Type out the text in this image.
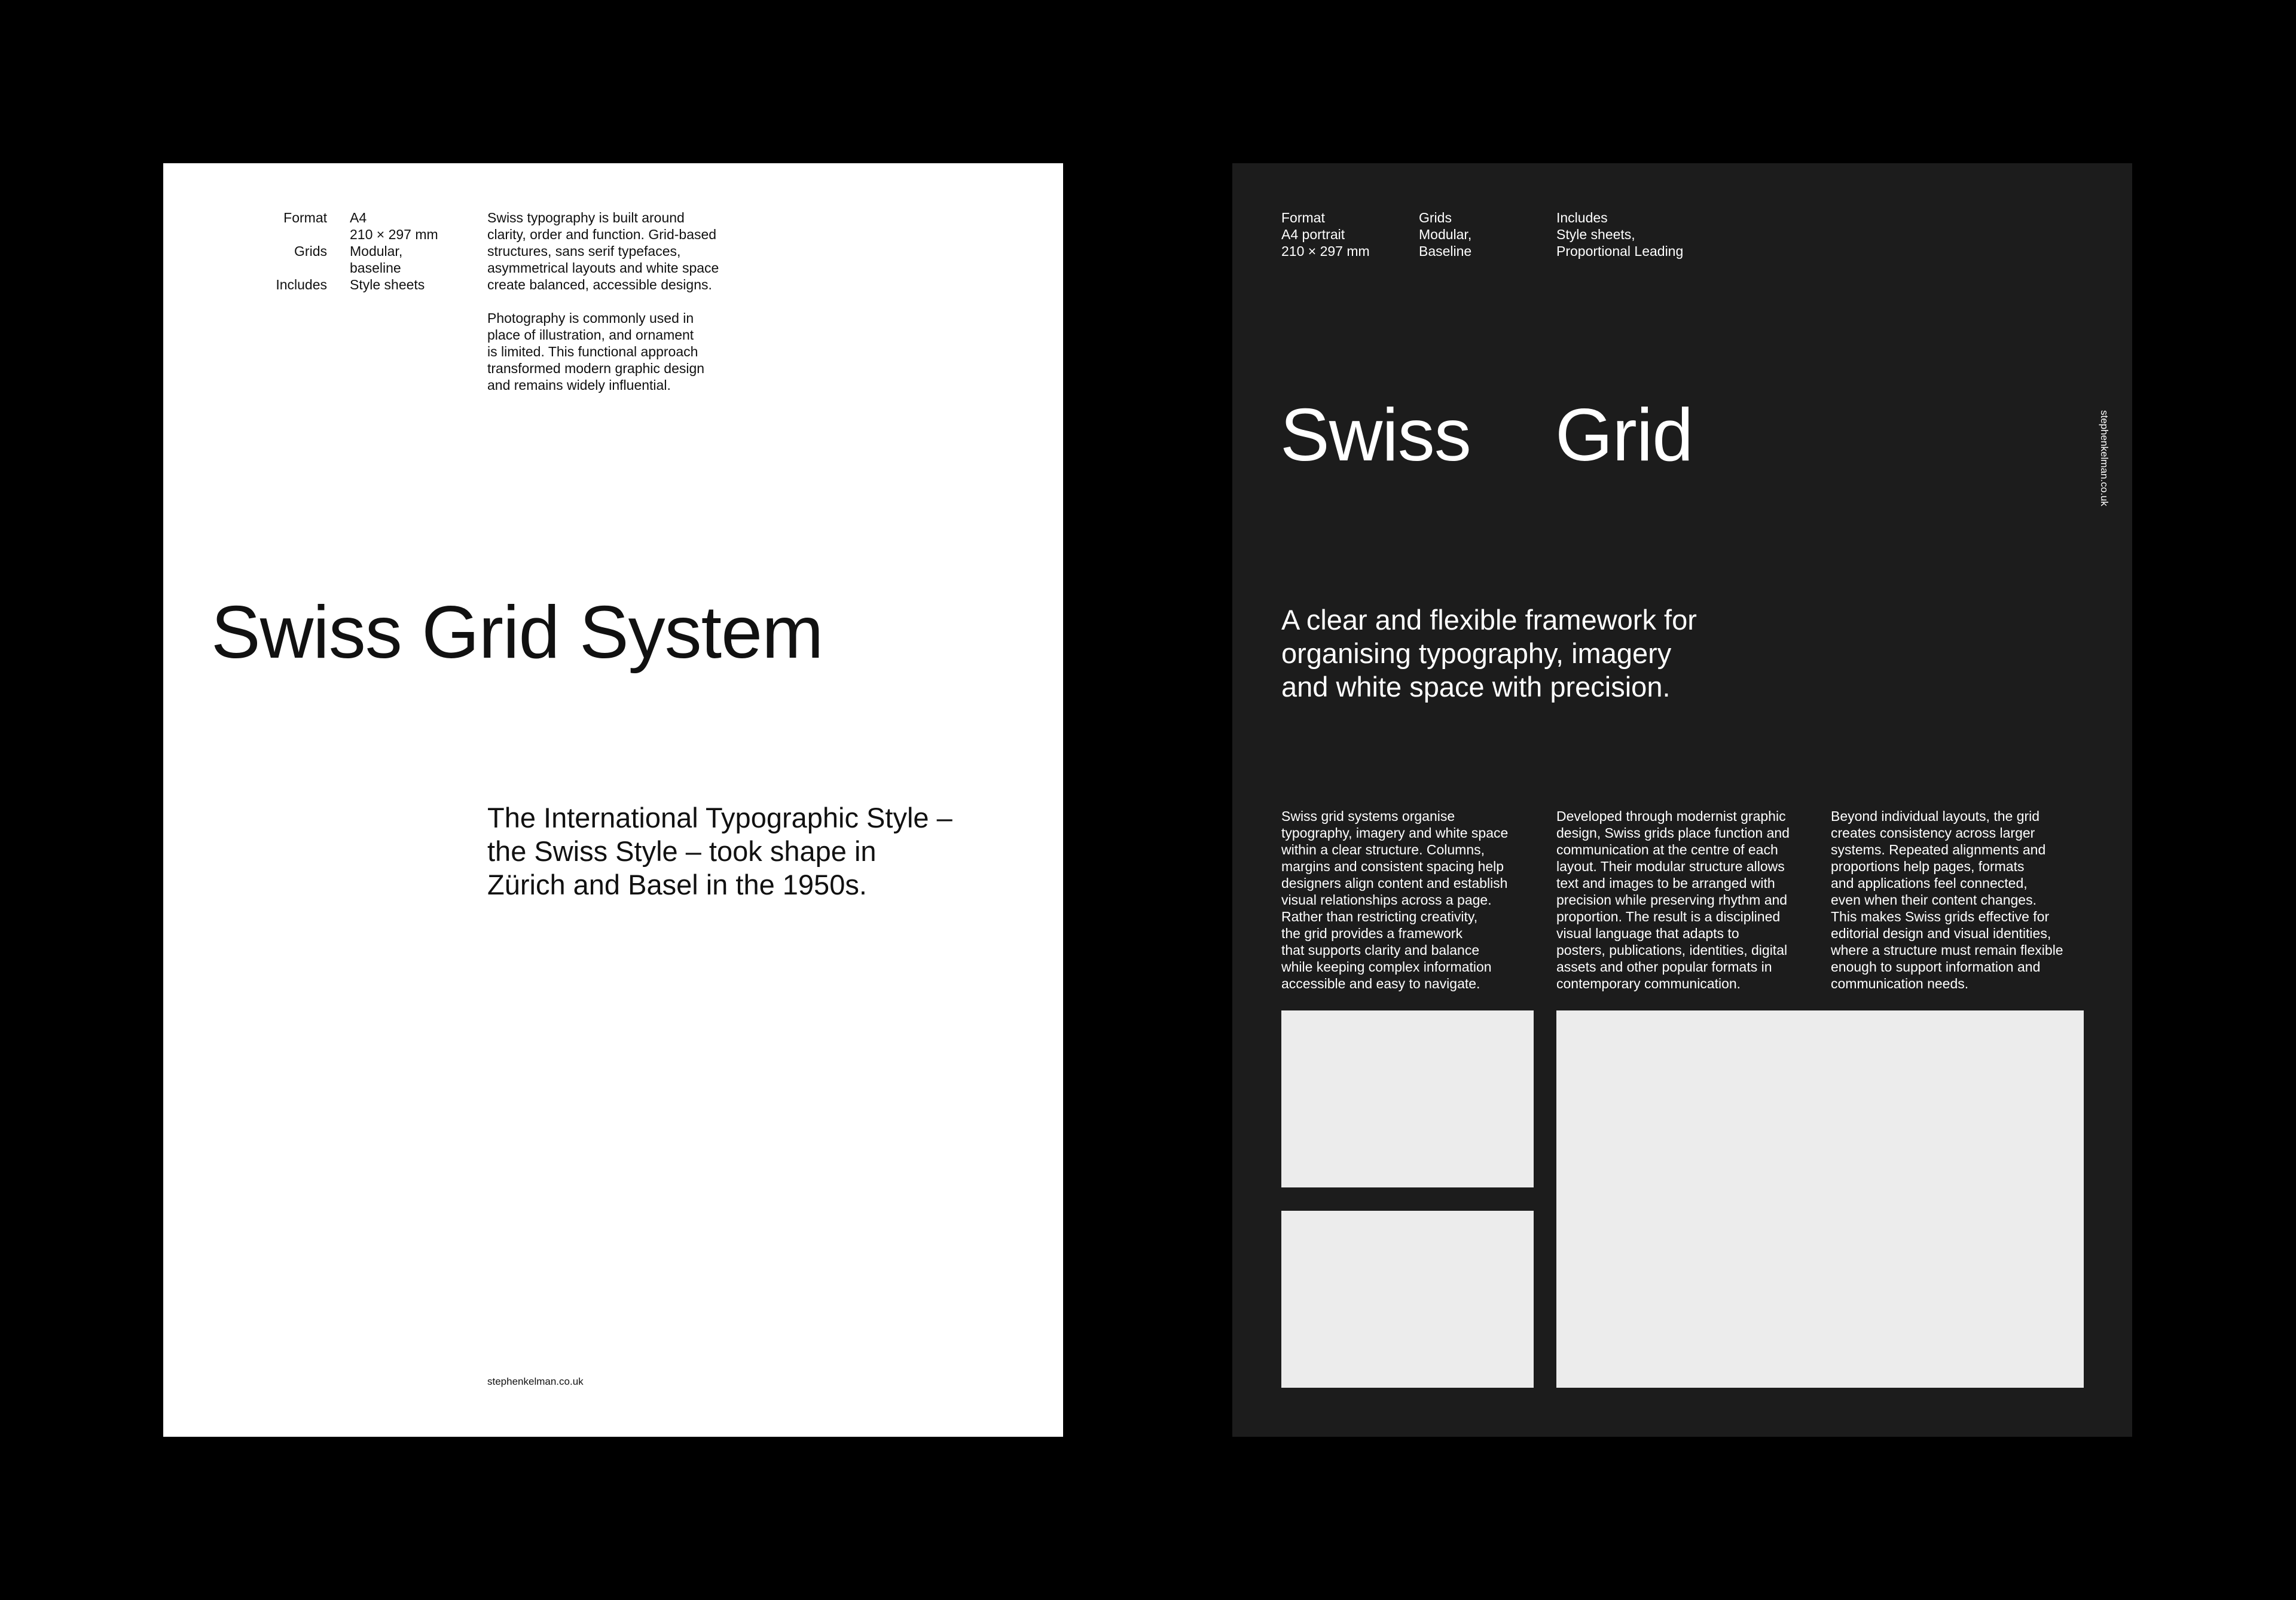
Format A4
210 × 297 mm
Grids Modular,
baseline
Includes Style sheets

Swiss typography is built around
clarity, order and function. Grid-based
structures, sans serif typefaces,
asymmetrical layouts and white space
create balanced, accessible designs.

Photography is commonly used in
place of illustration, and ornament
is limited. This functional approach
transformed modern graphic design
and remains widely influential.

Swiss Grid System
The International Typographic Style –
the Swiss Style – took shape in
Zürich and Basel in the 1950s.
stephenkelman.co.uk
Format
A4 portrait
210 × 297 mm
Grids
Modular,
Baseline
Includes
Style sheets,
Proportional Leading
Swiss Grid	stephenkelman.co.uk
A clear and flexible framework for
organising typography, imagery
and white space with precision.
Swiss grid systems organise
typography, imagery and white space
within a clear structure. Columns,
margins and consistent spacing help
designers align content and establish
visual relationships across a page.
Rather than restricting creativity,
the grid provides a framework
that supports clarity and balance
while keeping complex information
accessible and easy to navigate.
Developed through modernist graphic
design, Swiss grids place function and
communication at the centre of each
layout. Their modular structure allows
text and images to be arranged with
precision while preserving rhythm and
proportion. The result is a disciplined
visual language that adapts to
posters, publications, identities, digital
assets and other popular formats in
contemporary communication.
Beyond individual layouts, the grid
creates consistency across larger
systems. Repeated alignments and
proportions help pages, formats
and applications feel connected,
even when their content changes.
This makes Swiss grids effective for
editorial design and visual identities,
where a structure must remain flexible
enough to support information and
communication needs.
